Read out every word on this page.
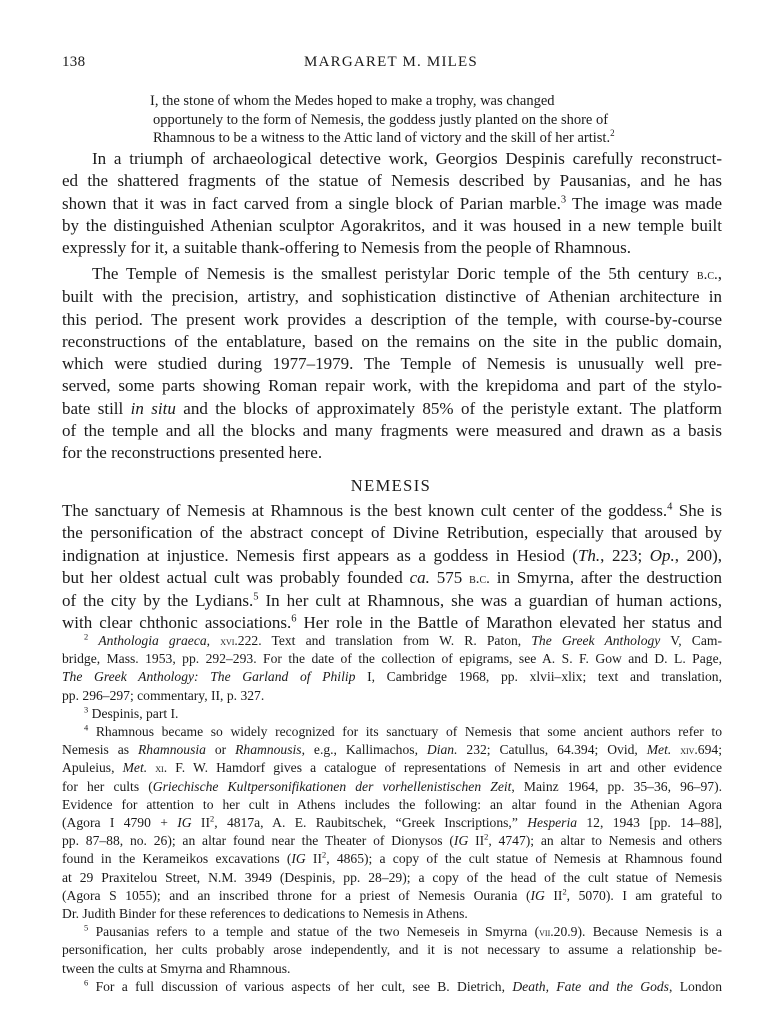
138	MARGARET M. MILES
I, the stone of whom the Medes hoped to make a trophy, was changed
opportunely to the form of Nemesis, the goddess justly planted on the shore of
Rhamnous to be a witness to the Attic land of victory and the skill of her artist.$^2$
In a triumph of archaeological detective work, Georgios Despinis carefully reconstruct-
ed the shattered fragments of the statue of Nemesis described by Pausanias, and he has
shown that it was in fact carved from a single block of Parian marble.$^3$ The image was made
by the distinguished Athenian sculptor Agorakritos, and it was housed in a new temple built
expressly for it, a suitable thank-offering to Nemesis from the people of Rhamnous.
The Temple of Nemesis is the smallest peristylar Doric temple of the 5th century b.c.,
built with the precision, artistry, and sophistication distinctive of Athenian architecture in
this period. The present work provides a description of the temple, with course-by-course
reconstructions of the entablature, based on the remains on the site in the public domain,
which were studied during 1977–1979. The Temple of Nemesis is unusually well pre-
served, some parts showing Roman repair work, with the krepidoma and part of the stylo-
bate still in situ and the blocks of approximately 85% of the peristyle extant. The platform
of the temple and all the blocks and many fragments were measured and drawn as a basis
for the reconstructions presented here.
NEMESIS
The sanctuary of Nemesis at Rhamnous is the best known cult center of the goddess.$^4$ She is
the personification of the abstract concept of Divine Retribution, especially that aroused by
indignation at injustice. Nemesis first appears as a goddess in Hesiod (Th., 223; Op., 200),
but her oldest actual cult was probably founded ca. 575 b.c. in Smyrna, after the destruction
of the city by the Lydians.$^5$ In her cult at Rhamnous, she was a guardian of human actions,
with clear chthonic associations.$^6$ Her role in the Battle of Marathon elevated her status and
$^2$ Anthologia graeca, xvi.222. Text and translation from W. R. Paton, The Greek Anthology V, Cam-
bridge, Mass. 1953, pp. 292–293. For the date of the collection of epigrams, see A. S. F. Gow and D. L. Page,
The Greek Anthology: The Garland of Philip I, Cambridge 1968, pp. xlvii–xlix; text and translation,
pp. 296–297; commentary, II, p. 327.
$^3$ Despinis, part I.
$^4$ Rhamnous became so widely recognized for its sanctuary of Nemesis that some ancient authors refer to
Nemesis as Rhamnousia or Rhamnousis, e.g., Kallimachos, Dian. 232; Catullus, 64.394; Ovid, Met. xiv.694;
Apuleius, Met. xi. F. W. Hamdorf gives a catalogue of representations of Nemesis in art and other evidence
for her cults (Griechische Kultpersonifikationen der vorhellenistischen Zeit, Mainz 1964, pp. 35–36, 96–97).
Evidence for attention to her cult in Athens includes the following: an altar found in the Athenian Agora
(Agora I 4790 + IG $II^2$, 4817a, A. E. Raubitschek, “Greek Inscriptions,” Hesperia 12, 1943 [pp. 14–88],
pp. 87–88, no. 26); an altar found near the Theater of Dionysos (IG $II^2$, 4747); an altar to Nemesis and others
found in the Kerameikos excavations (IG $II^2$, 4865); a copy of the cult statue of Nemesis at Rhamnous found
at 29 Praxitelou Street, N.M. 3949 (Despinis, pp. 28–29); a copy of the head of the cult statue of Nemesis
(Agora S 1055); and an inscribed throne for a priest of Nemesis Ourania (IG $II^2$, 5070). I am grateful to
Dr. Judith Binder for these references to dedications to Nemesis in Athens.
$^5$ Pausanias refers to a temple and statue of the two Nemeseis in Smyrna (vii.20.9). Because Nemesis is a
personification, her cults probably arose independently, and it is not necessary to assume a relationship be-
tween the cults at Smyrna and Rhamnous.
$^6$ For a full discussion of various aspects of her cult, see B. Dietrich, Death, Fate and the Gods, London
